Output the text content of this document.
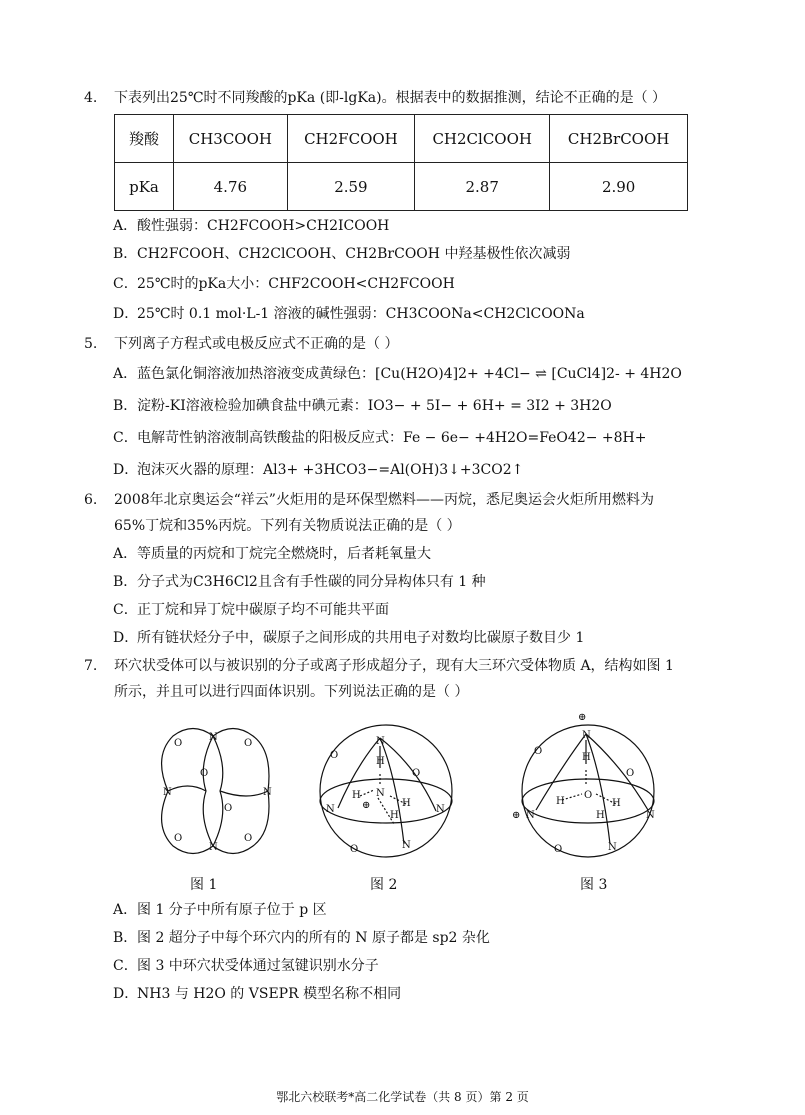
4.	下表列出25℃时不同羧酸的pKa (即-lgKa)。根据表中的数据推测，结论不正确的是（ ）
羧酸	CH3COOH	CH2FCOOH	CH2ClCOOH	CH2BrCOOH
pKa	4.76	2.59	2.87	2.90
A．酸性强弱：CH2FCOOH>CH2ICOOH
B．CH2FCOOH、CH2ClCOOH、CH2BrCOOH 中羟基极性依次减弱
C．25℃时的pKa大小：CHF2COOH<CH2FCOOH
D．25℃时 0.1 mol·L-1 溶液的碱性强弱：CH3COONa<CH2ClCOONa
5.	下列离子方程式或电极反应式不正确的是（ ）
A．蓝色氯化铜溶液加热溶液变成黄绿色：[Cu(H2O)4]2+ +4Cl− ⇌ [CuCl4]2- + 4H2O
B．淀粉-KI溶液检验加碘食盐中碘元素：IO3− + 5I− + 6H+ = 3I2 + 3H2O
C．电解苛性钠溶液制高铁酸盐的阳极反应式：Fe − 6e− +4H2O=FeO42− +8H+
D．泡沫灭火器的原理：Al3+ +3HCO3−=Al(OH)3↓+3CO2↑
6.	2008年北京奥运会“祥云”火炬用的是环保型燃料——丙烷，悉尼奥运会火炬所用燃料为
65%丁烷和35%丙烷。下列有关物质说法正确的是（ ）
A．等质量的丙烷和丁烷完全燃烧时，后者耗氧量大
B．分子式为C3H6Cl2且含有手性碳的同分异构体只有 1 种
C．正丁烷和异丁烷中碳原子均不可能共平面
D．所有链状烃分子中，碳原子之间形成的共用电子对数均比碳原子数目少 1
7.	环穴状受体可以与被识别的分子或离子形成超分子，现有大三环穴受体物质 A，结构如图 1
所示，并且可以进行四面体识别。下列说法正确的是（ ）
N
N	N
N
O	O
O	O
O
O
N
H
H N
H
H
N	N
N
O
O
O
⊕
⊕
N
H
H
O
H
H
⊕ N	N
N
O
O
O
图 1	图 2	图 3
A．图 1 分子中所有原子位于 p 区
B．图 2 超分子中每个环穴内的所有的 N 原子都是 sp2 杂化
C．图 3 中环穴状受体通过氢键识别水分子
D．NH3 与 H2O 的 VSEPR 模型名称不相同
鄂北六校联考*高二化学试卷（共 8 页）第 2 页
